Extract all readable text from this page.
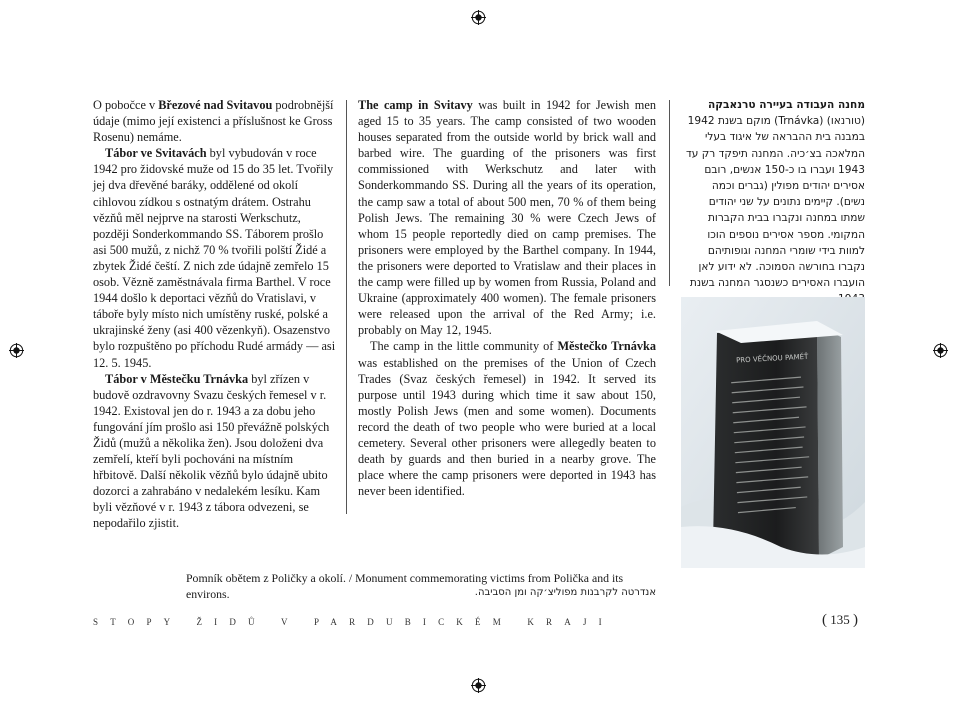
O pobočce v Březové nad Svitavou podrobnější údaje (mimo její existenci a příslušnost ke Gross Rosenu) nemáme.

Tábor ve Svitavách byl vybudován v roce 1942 pro židovské muže od 15 do 35 let. Tvořily jej dva dřevěné baráky, oddělené od okolí cihlovou zídkou s ostnatým drátem. Ostrahu vězňů měl nejprve na starosti Werkschutz, později Sonderkommando SS. Táborem prošlo asi 500 mužů, z nichž 70 % tvořili polští Židé a zbytek Židé čeští. Z nich zde údajně zemřelo 15 osob. Vězně zaměstnávala firma Barthel. V roce 1944 došlo k deportaci vězňů do Vratislavi, v táboře byly místo nich umístěny ruské, polské a ukrajinské ženy (asi 400 vězenkyň). Osazenstvo bylo rozpuštěno po příchodu Rudé armády — asi 12. 5. 1945.

Tábor v Městečku Trnávka byl zřízen v budově ozdravovny Svazu českých řemesel v r. 1942. Existoval jen do r. 1943 a za dobu jeho fungování jím prošlo asi 150 převážně polských Židů (mužů a několika žen). Jsou doloženi dva zemřelí, kteří byli pochováni na místním hřbitově. Další několik vězňů bylo údajně ubito dozorci a zahrabáno v nedalekém lesíku. Kam byli vězňové v r. 1943 z tábora odvezeni, se nepodařilo zjistit.

The camp in Svitavy was built in 1942 for Jewish men aged 15 to 35 years. The camp consisted of two wooden houses separated from the outside world by brick wall and barbed wire. The guarding of the prisoners was first commissioned with Werkschutz and later with Sonderkommando SS. During all the years of its operation, the camp saw a total of about 500 men, 70 % of them being Polish Jews. The remaining 30 % were Czech Jews of whom 15 people reportedly died on camp premises. The prisoners were employed by the Barthel company. In 1944, the prisoners were deported to Vratislaw and their places in the camp were filled up by women from Russia, Poland and Ukraine (approximately 400 women). The female prisoners were released upon the arrival of the Red Army; i.e. probably on May 12, 1945.

The camp in the little community of Městečko Trnávka was established on the premises of the Union of Czech Trades (Svaz českých řemesel) in 1942. It served its purpose until 1943 during which time it saw about 150, mostly Polish Jews (men and some women). Documents record the death of two people who were buried at a local cemetery. Several other prisoners were allegedly beaten to death by guards and then buried in a nearby grove. The place where the camp prisoners were deported in 1943 has never been identified.

מחנה העבודה בעיירה טרנאבקה (טורנאו) (Trnávka) מוקם בשנת 1942 במבנה בית ההבראה של איגוד בעלי המלאכה בצ׳כיה. המחנה תיפקד רק עד 1943 ועברו בו כ-150 אנשים, רובם אסירים יהודים מפולין (גברים וכמה נשים). קיימים נתונים על שני יהודים שמתו במחנה ונקברו בבית הקברות המקומי. מספר אסירים נוספים הוכו למוות בידי שומרי המחנה וגופותיהם נקברו בחורשה הסמוכה. לא ידוע לאן הועברו האסירים כשנסגר המחנה בשנת

PRO VĚČNOU PAMĚŤ
Pomník obětem z Poličky a okolí. / Monument commemorating victims from Polička and its environs.	אנדרטה לקרבנות מפוליצ׳קה ומן הסביבה.
STOPY ŽIDŮ V PARDUBICKÉM KRAJI	( 135 )
